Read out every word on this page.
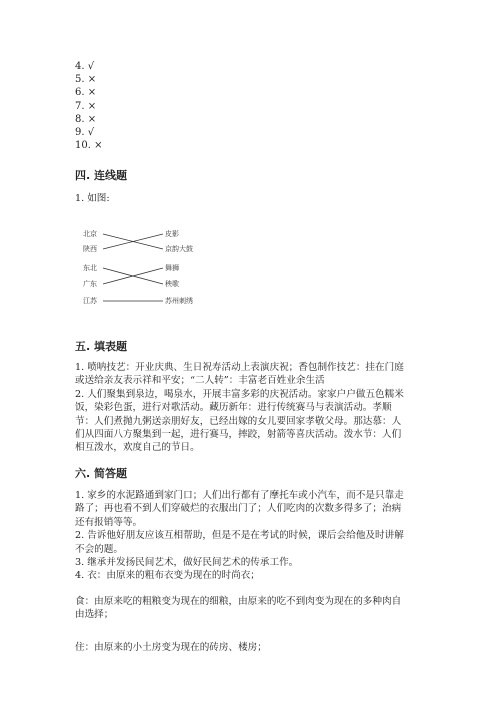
4. √
5. ×
6. ×
7. ×
8. ×
9. √
10. ×
四. 连线题
1. 如图:
北京
陕西
东北
广东
江苏
皮影
京韵大鼓
舞狮
秧歌
苏州刺绣
五. 填表题
1. 喷呐技艺：开业庆典、生日祝寿活动上表演庆祝；香包制作技艺：挂在门庭
或送给亲友表示祥和平安；“二人转”：丰富老百姓业余生活
2. 人们聚集到泉边，喝泉水，开展丰富多彩的庆祝活动。家家户户做五色糯米
饭，染彩色蛋，进行对歌活动。藏历新年：进行传统赛马与表演活动。孝顺
节：人们煮抛九粥送亲朋好友，已经出嫁的女儿要回家孝敬父母。那达慕：人
们从四面八方聚集到一起，进行赛马，摔跤，射箭等喜庆活动。泼水节：人们
相互泼水，欢度自己的节日。
六. 简答题
1. 家乡的水泥路通到家门口；人们出行都有了摩托车或小汽车，而不是只靠走
路了；再也看不到人们穿破烂的衣服出门了；人们吃肉的次数多得多了；治病
还有报销等等。
2. 告诉他好朋友应该互相帮助，但是不是在考试的时候，课后会给他及时讲解
不会的题。
3. 继承并发扬民间艺术，做好民间艺术的传承工作。
4. 衣：由原来的粗布衣变为现在的时尚衣；
食：由原来吃的粗粮变为现在的细粮，由原来的吃不到肉变为现在的多种肉自
由选择；
住：由原来的小土房变为现在的砖房、楼房；
